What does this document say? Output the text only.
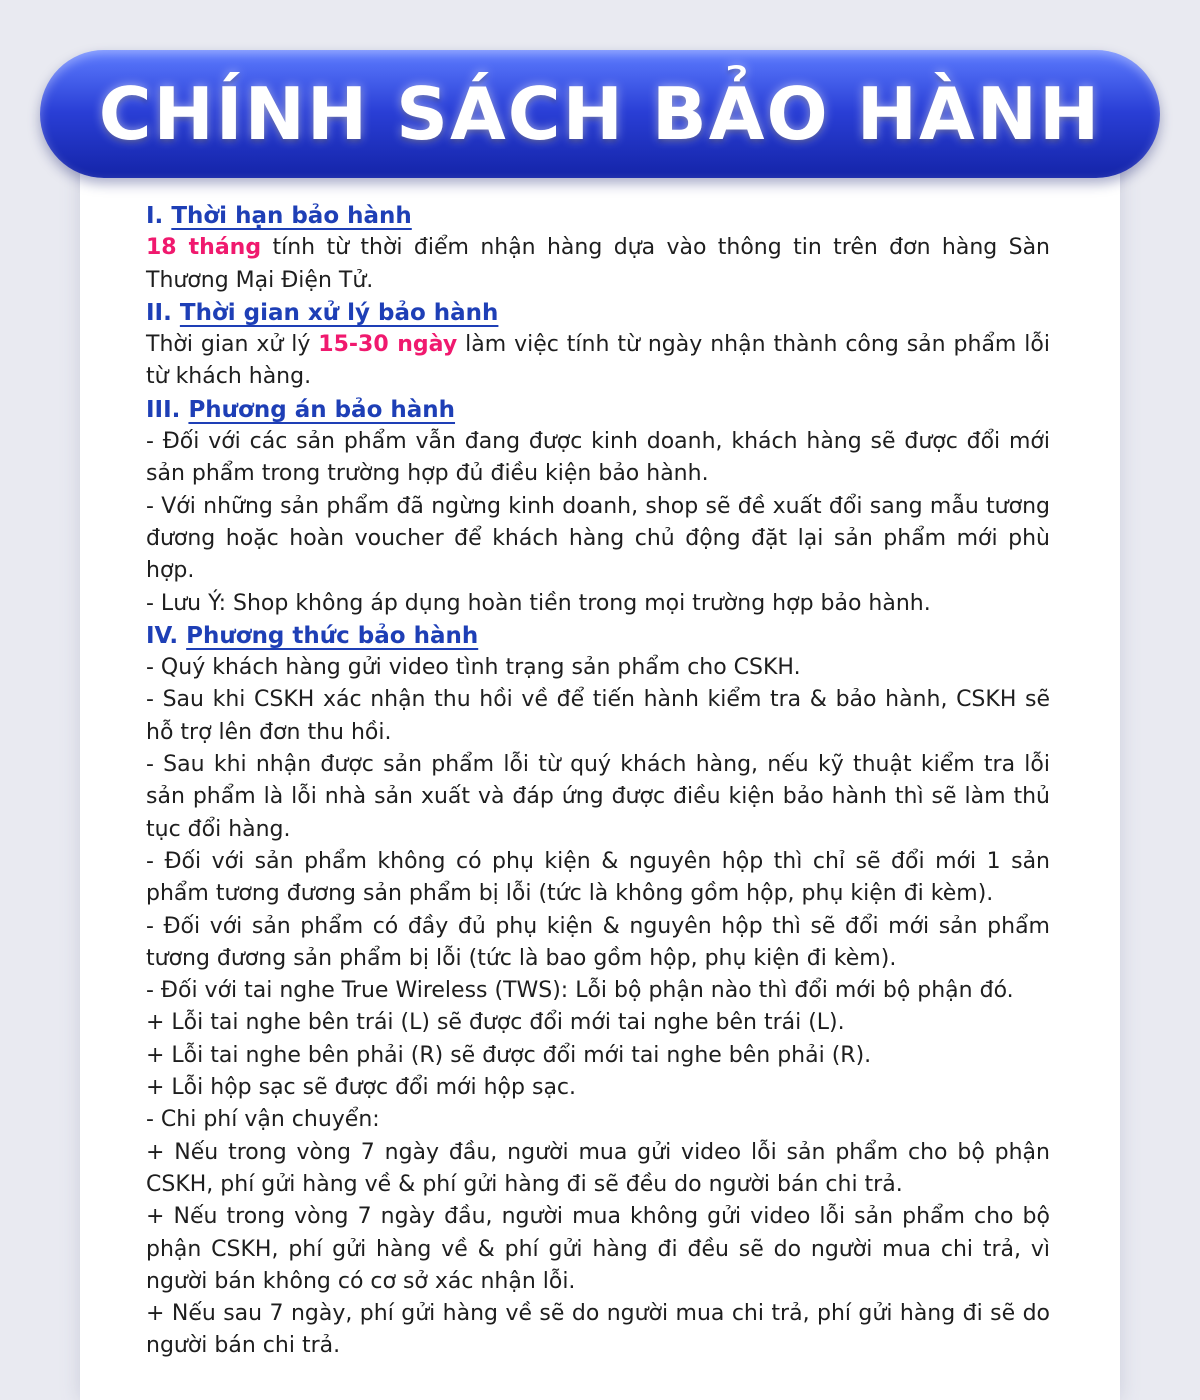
CHÍNH SÁCH BẢO HÀNH

I. Thời hạn bảo hành

18 tháng tính từ thời điểm nhận hàng dựa vào thông tin trên đơn hàng Sàn Thương Mại Điện Tử.

II. Thời gian xử lý bảo hành

Thời gian xử lý 15-30 ngày làm việc tính từ ngày nhận thành công sản phẩm lỗi từ khách hàng.

III. Phương án bảo hành

- Đối với các sản phẩm vẫn đang được kinh doanh, khách hàng sẽ được đổi mới sản phẩm trong trường hợp đủ điều kiện bảo hành.

- Với những sản phẩm đã ngừng kinh doanh, shop sẽ đề xuất đổi sang mẫu tương đương hoặc hoàn voucher để khách hàng chủ động đặt lại sản phẩm mới phù hợp.

- Lưu Ý: Shop không áp dụng hoàn tiền trong mọi trường hợp bảo hành.

IV. Phương thức bảo hành

- Quý khách hàng gửi video tình trạng sản phẩm cho CSKH.

- Sau khi CSKH xác nhận thu hồi về để tiến hành kiểm tra & bảo hành, CSKH sẽ hỗ trợ lên đơn thu hồi.

- Sau khi nhận được sản phẩm lỗi từ quý khách hàng, nếu kỹ thuật kiểm tra lỗi sản phẩm là lỗi nhà sản xuất và đáp ứng được điều kiện bảo hành thì sẽ làm thủ tục đổi hàng.

- Đối với sản phẩm không có phụ kiện & nguyên hộp thì chỉ sẽ đổi mới 1 sản phẩm tương đương sản phẩm bị lỗi (tức là không gồm hộp, phụ kiện đi kèm).

- Đối với sản phẩm có đầy đủ phụ kiện & nguyên hộp thì sẽ đổi mới sản phẩm tương đương sản phẩm bị lỗi (tức là bao gồm hộp, phụ kiện đi kèm).

- Đối với tai nghe True Wireless (TWS): Lỗi bộ phận nào thì đổi mới bộ phận đó.

+ Lỗi tai nghe bên trái (L) sẽ được đổi mới tai nghe bên trái (L).

+ Lỗi tai nghe bên phải (R) sẽ được đổi mới tai nghe bên phải (R).

+ Lỗi hộp sạc sẽ được đổi mới hộp sạc.

- Chi phí vận chuyển:

+ Nếu trong vòng 7 ngày đầu, người mua gửi video lỗi sản phẩm cho bộ phận CSKH, phí gửi hàng về & phí gửi hàng đi sẽ đều do người bán chi trả.

+ Nếu trong vòng 7 ngày đầu, người mua không gửi video lỗi sản phẩm cho bộ phận CSKH, phí gửi hàng về & phí gửi hàng đi đều sẽ do người mua chi trả, vì người bán không có cơ sở xác nhận lỗi.

+ Nếu sau 7 ngày, phí gửi hàng về sẽ do người mua chi trả, phí gửi hàng đi sẽ do người bán chi trả.
